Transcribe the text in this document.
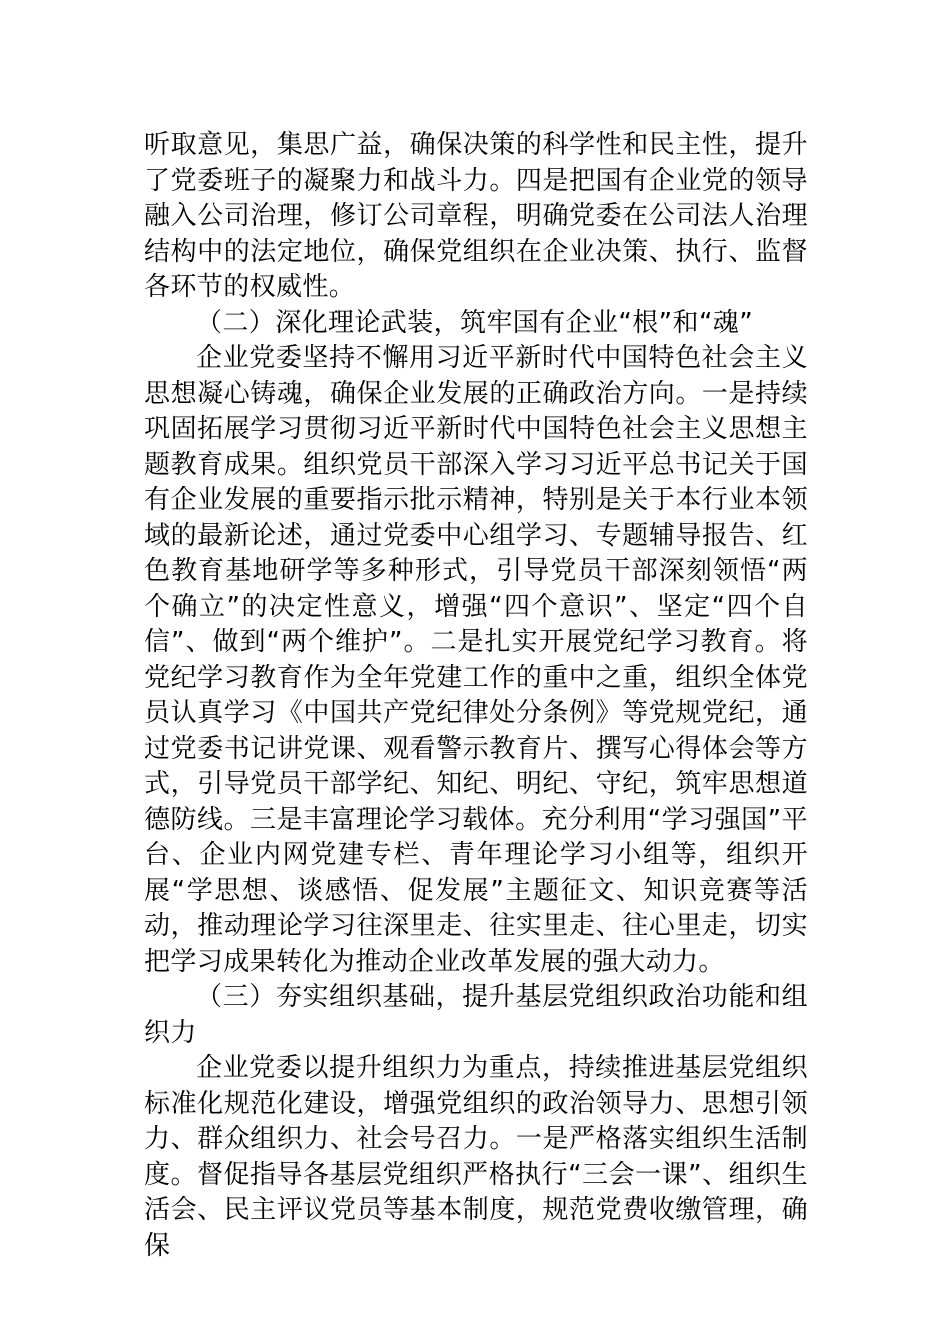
听取意见，集思广益，确保决策的科学性和民主性，提升了党委班子的凝聚力和战斗力。四是把国有企业党的领导融入公司治理，修订公司章程，明确党委在公司法人治理结构中的法定地位，确保党组织在企业决策、执行、监督各环节的权威性。

（二）深化理论武装，筑牢国有企业“根”和“魂”

企业党委坚持不懈用习近平新时代中国特色社会主义思想凝心铸魂，确保企业发展的正确政治方向。一是持续巩固拓展学习贯彻习近平新时代中国特色社会主义思想主题教育成果。组织党员干部深入学习习近平总书记关于国有企业发展的重要指示批示精神，特别是关于本行业本领域的最新论述，通过党委中心组学习、专题辅导报告、红色教育基地研学等多种形式，引导党员干部深刻领悟“两个确立”的决定性意义，增强“四个意识”、坚定“四个自信”、做到“两个维护”。二是扎实开展党纪学习教育。将党纪学习教育作为全年党建工作的重中之重，组织全体党员认真学习《中国共产党纪律处分条例》等党规党纪，通过党委书记讲党课、观看警示教育片、撰写心得体会等方式，引导党员干部学纪、知纪、明纪、守纪，筑牢思想道德防线。三是丰富理论学习载体。充分利用“学习强国”平台、企业内网党建专栏、青年理论学习小组等，组织开展“学思想、谈感悟、促发展”主题征文、知识竞赛等活动，推动理论学习往深里走、往实里走、往心里走，切实把学习成果转化为推动企业改革发展的强大动力。

（三）夯实组织基础，提升基层党组织政治功能和组织力

企业党委以提升组织力为重点，持续推进基层党组织标准化规范化建设，增强党组织的政治领导力、思想引领力、群众组织力、社会号召力。一是严格落实组织生活制度。督促指导各基层党组织严格执行“三会一课”、组织生活会、民主评议党员等基本制度，规范党费收缴管理，确保
